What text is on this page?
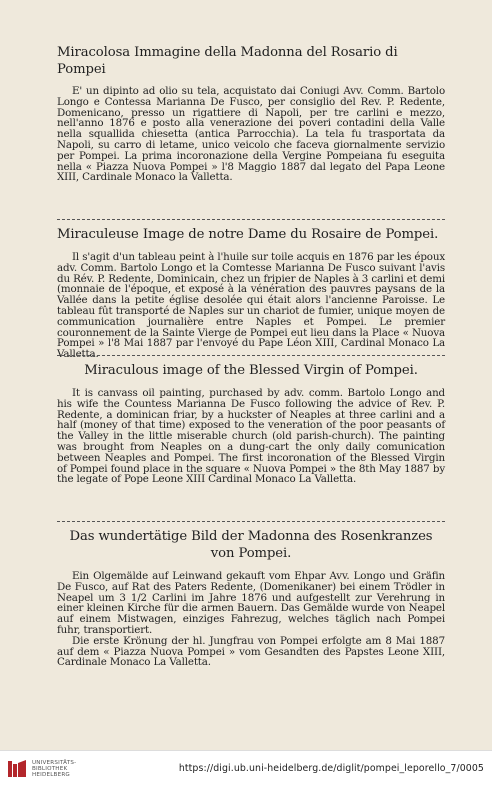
Miracolosa Immagine della Madonna del Rosario di Pompei

E' un dipinto ad olio su tela, acquistato dai Coniugi Avv. Comm. Bartolo Longo e Contessa Marianna De Fusco, per consiglio del Rev. P. Redente, Domenicano, presso un rigattiere di Napoli, per tre carlini e mezzo, nell'anno 1876 e posto alla venerazione dei poveri contadini della Valle nella squallida chiesetta (antica Parrocchia). La tela fu trasportata da Napoli, su carro di letame, unico veicolo che faceva giornalmente servizio per Pompei. La prima incoronazione della Vergine Pompeiana fu eseguita nella « Piazza Nuova Pompei » l'8 Maggio 1887 dal legato del Papa Leone XIII, Cardinale Monaco la Valletta.

Miraculeuse Image de notre Dame du Rosaire de Pompei.

Il s'agit d'un tableau peint à l'huile sur toile acquis en 1876 par les époux adv. Comm. Bartolo Longo et la Comtesse Marianna De Fusco suivant l'avis du Rév. P. Redente, Dominicain, chez un fripier de Naples à 3 carlini et demi (monnaie de l'époque, et exposé à la vénération des pauvres paysans de la Vallée dans la petite église desolée qui était alors l'ancienne Paroisse. Le tableau fût transporté de Naples sur un chariot de fumier, unique moyen de communication journalière entre Naples et Pompei. Le premier couronnement de la Sainte Vierge de Pompei eut lieu dans la Place « Nuova Pompei » l'8 Mai 1887 par l'envoyé du Pape Léon XIII, Cardinal Monaco La Valletta.

Miraculous image of the Blessed Virgin of Pompei.

It is canvass oil painting, purchased by adv. comm. Bartolo Longo and his wife the Countess Marianna De Fusco following the advice of Rev. P. Redente, a dominican friar, by a huckster of Neaples at three carlini and a half (money of that time) exposed to the veneration of the poor peasants of the Valley in the little miserable church (old parish-church). The painting was brought from Neaples on a dung-cart the only daily comunication between Neaples and Pompei. The first incoronation of the Blessed Virgin of Pompei found place in the square « Nuova Pompei » the 8th May 1887 by the legate of Pope Leone XIII Cardinal Monaco La Valletta.

Das wundertätige Bild der Madonna des Rosenkranzes von Pompei.

Ein Olgemälde auf Leinwand gekauft vom Ehpar Avv. Longo und Gräfin De Fusco, auf Rat des Paters Redente, (Domenikaner) bei einem Trödler in Neapel um 3 1/2 Carlini im Jahre 1876 und aufgestellt zur Verehrung in einer kleinen Kirche für die armen Bauern. Das Gemälde wurde von Neapel auf einem Mistwagen, einziges Fahrezug, welches täglich nach Pompei fuhr, transportiert.

Die erste Krönung der hl. Jungfrau von Pompei erfolgte am 8 Mai 1887 auf dem « Piazza Nuova Pompei » vom Gesandten des Papstes Leone XIII, Cardinale Monaco La Valletta.

UNIVERSITÄTS-
BIBLIOTHEK
HEIDELBERG
https://digi.ub.uni-heidelberg.de/diglit/pompei_leporello_7/0005
